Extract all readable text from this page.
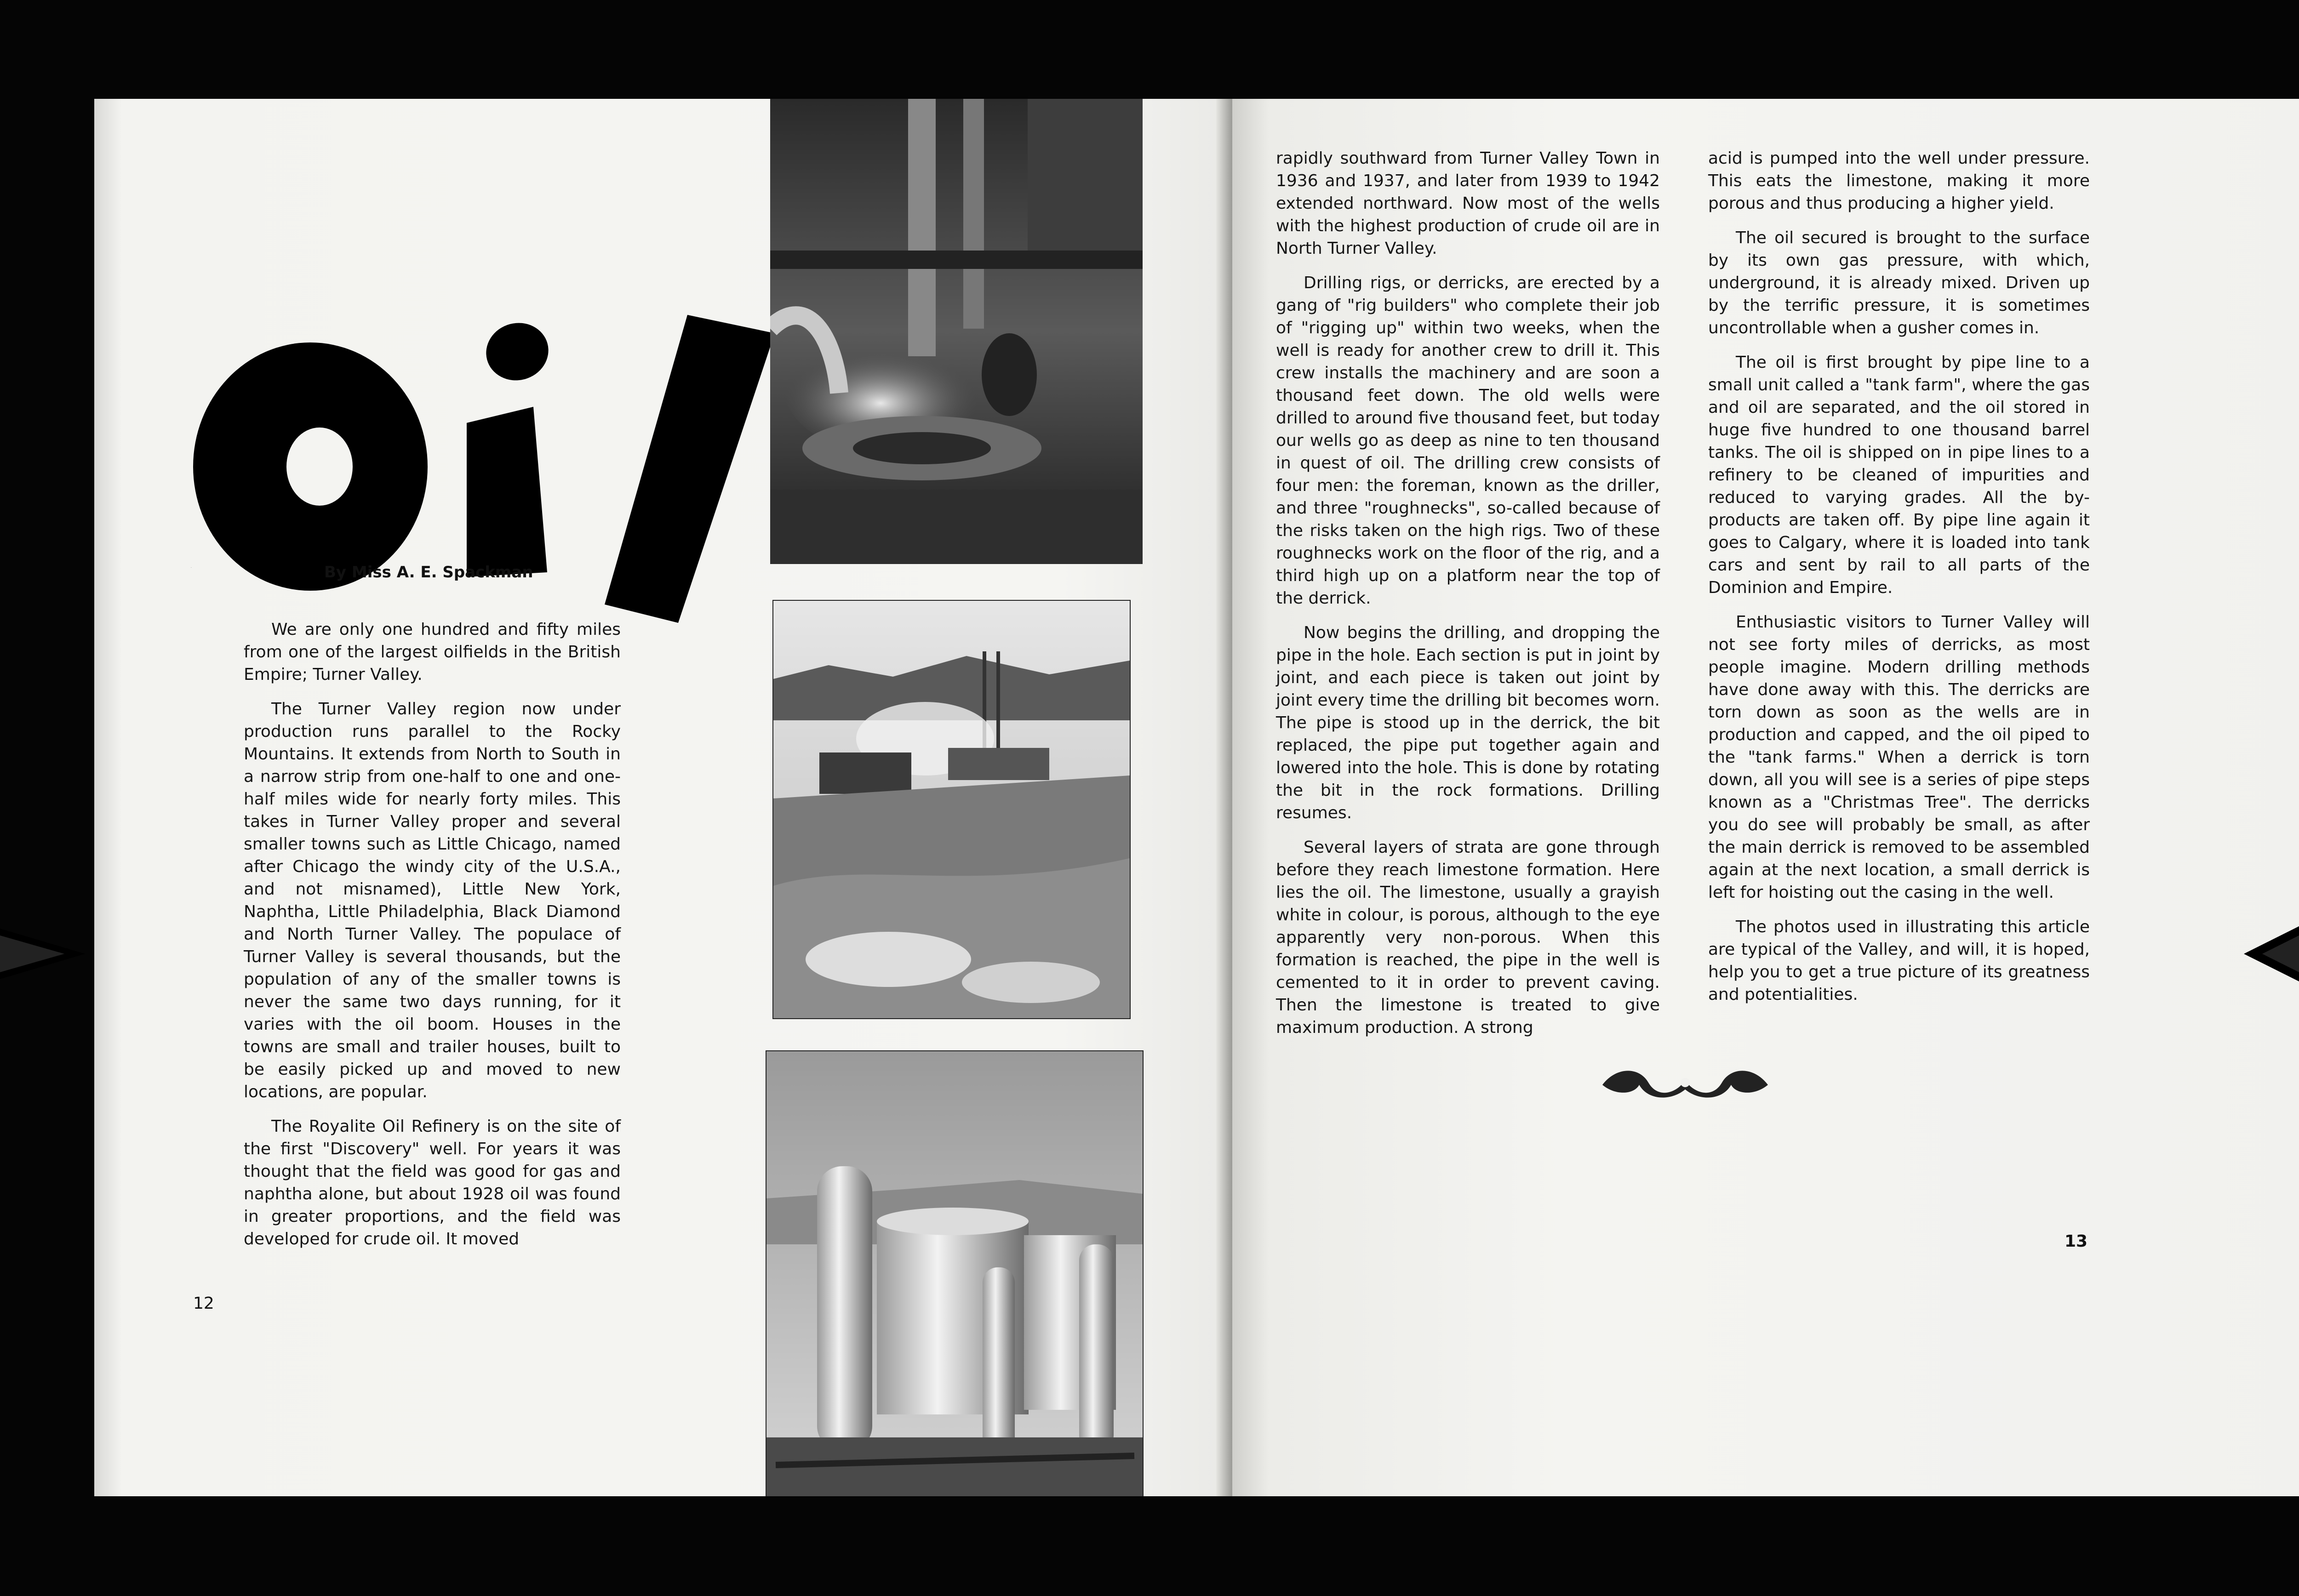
Oil	By Miss A. E. Spackman

We are only one hundred and fifty miles from one of the largest oilfields in the British Empire; Turner Valley.

The Turner Valley region now under production runs parallel to the Rocky Mountains. It extends from North to South in a narrow strip from one-half to one and one-half miles wide for nearly forty miles. This takes in Turner Valley proper and several smaller towns such as Little Chicago, named after Chicago the windy city of the U.S.A., and not misnamed), Little New York, Naphtha, Little Philadelphia, Black Diamond and North Turner Valley. The populace of Turner Valley is several thousands, but the population of any of the smaller towns is never the same two days running, for it varies with the oil boom. Houses in the towns are small and trailer houses, built to be easily picked up and moved to new locations, are popular.

The Royalite Oil Refinery is on the site of the first "Discovery" well. For years it was thought that the field was good for gas and naphtha alone, but about 1928 oil was found in greater proportions, and the field was developed for crude oil. It moved

12

rapidly southward from Turner Valley Town in 1936 and 1937, and later from 1939 to 1942 extended northward. Now most of the wells with the highest production of crude oil are in North Turner Valley.

Drilling rigs, or derricks, are erected by a gang of "rig builders" who complete their job of "rigging up" within two weeks, when the well is ready for another crew to drill it. This crew installs the machinery and are soon a thousand feet down. The old wells were drilled to around five thousand feet, but today our wells go as deep as nine to ten thousand in quest of oil. The drilling crew consists of four men: the foreman, known as the driller, and three "roughnecks", so-called because of the risks taken on the high rigs. Two of these roughnecks work on the floor of the rig, and a third high up on a platform near the top of the derrick.

Now begins the drilling, and dropping the pipe in the hole. Each section is put in joint by joint, and each piece is taken out joint by joint every time the drilling bit becomes worn. The pipe is stood up in the derrick, the bit replaced, the pipe put together again and lowered into the hole. This is done by rotating the bit in the rock formations. Drilling resumes.

Several layers of strata are gone through before they reach limestone formation. Here lies the oil. The limestone, usually a grayish white in colour, is porous, although to the eye apparently very non-porous. When this formation is reached, the pipe in the well is cemented to it in order to prevent caving. Then the limestone is treated to give maximum production. A strong

acid is pumped into the well under pressure. This eats the limestone, making it more porous and thus producing a higher yield.

The oil secured is brought to the surface by its own gas pressure, with which, underground, it is already mixed. Driven up by the terrific pressure, it is sometimes uncontrollable when a gusher comes in.

The oil is first brought by pipe line to a small unit called a "tank farm", where the gas and oil are separated, and the oil stored in huge five hundred to one thousand barrel tanks. The oil is shipped on in pipe lines to a refinery to be cleaned of impurities and reduced to varying grades. All the by-products are taken off. By pipe line again it goes to Calgary, where it is loaded into tank cars and sent by rail to all parts of the Dominion and Empire.

Enthusiastic visitors to Turner Valley will not see forty miles of derricks, as most people imagine. Modern drilling methods have done away with this. The derricks are torn down as soon as the wells are in production and capped, and the oil piped to the "tank farms." When a derrick is torn down, all you will see is a series of pipe steps known as a "Christmas Tree". The derricks you do see will probably be small, as after the main derrick is removed to be assembled again at the next location, a small derrick is left for hoisting out the casing in the well.

The photos used in illustrating this article are typical of the Valley, and will, it is hoped, help you to get a true picture of its greatness and potentialities.

13
